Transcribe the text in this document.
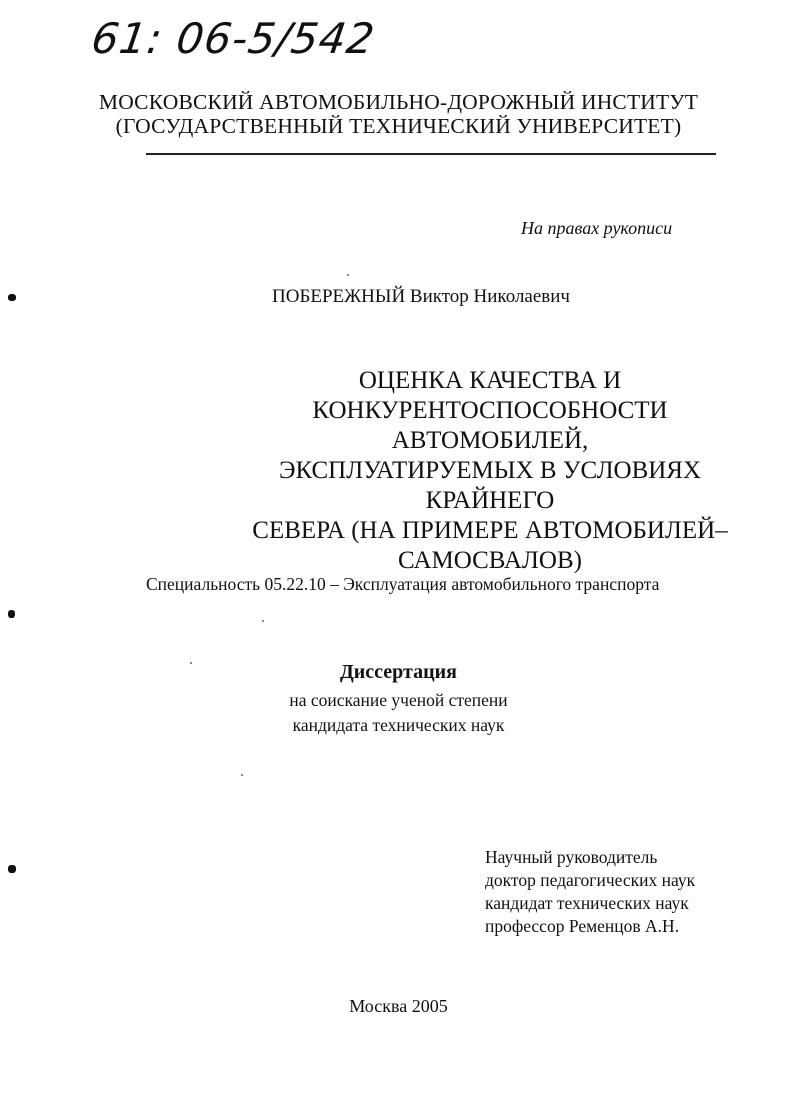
61: 06-5/542
МОСКОВСКИЙ АВТОМОБИЛЬНО-ДОРОЖНЫЙ ИНСТИТУТ
(ГОСУДАРСТВЕННЫЙ ТЕХНИЧЕСКИЙ УНИВЕРСИТЕТ)
На правах рукописи
ПОБЕРЕЖНЫЙ Виктор Николаевич
ОЦЕНКА КАЧЕСТВА И
КОНКУРЕНТОСПОСОБНОСТИ АВТОМОБИЛЕЙ,
ЭКСПЛУАТИРУЕМЫХ В УСЛОВИЯХ КРАЙНЕГО
СЕВЕРА (НА ПРИМЕРЕ АВТОМОБИЛЕЙ–
САМОСВАЛОВ)
Специальность 05.22.10 – Эксплуатация автомобильного транспорта
Диссертация
на соискание ученой степени
кандидата технических наук
Научный руководитель
доктор педагогических наук
кандидат технических наук
профессор Ременцов А.Н.
Москва 2005
